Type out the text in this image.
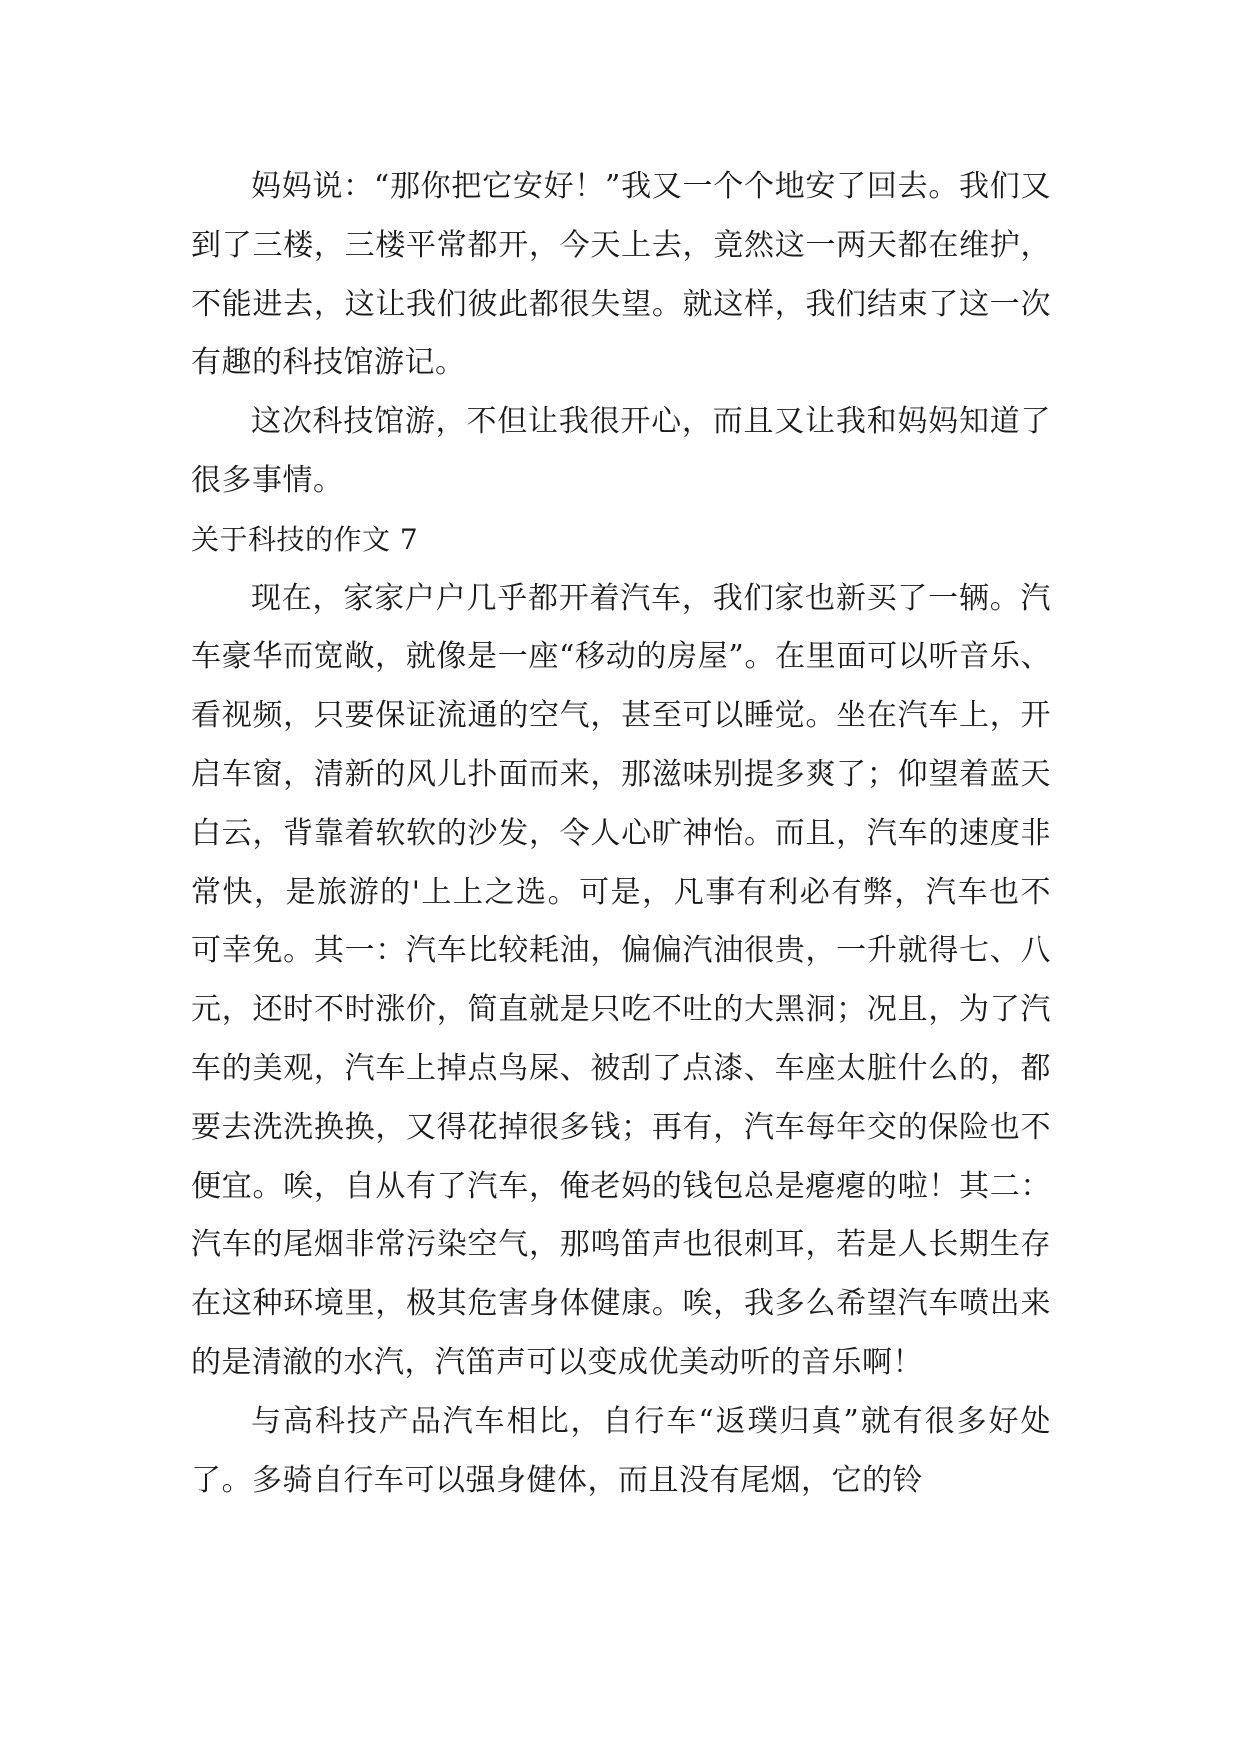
妈妈说：“那你把它安好！”我又一个个地安了回去。我们又到了三楼，三楼平常都开，今天上去，竟然这一两天都在维护，不能进去，这让我们彼此都很失望。就这样，我们结束了这一次有趣的科技馆游记。

这次科技馆游，不但让我很开心，而且又让我和妈妈知道了很多事情。

关于科技的作文 7

现在，家家户户几乎都开着汽车，我们家也新买了一辆。汽车豪华而宽敞，就像是一座“移动的房屋”。在里面可以听音乐、看视频，只要保证流通的空气，甚至可以睡觉。坐在汽车上，开启车窗，清新的风儿扑面而来，那滋味别提多爽了；仰望着蓝天白云，背靠着软软的沙发，令人心旷神怡。而且，汽车的速度非常快，是旅游的'上上之选。可是，凡事有利必有弊，汽车也不可幸免。其一：汽车比较耗油，偏偏汽油很贵，一升就得七、八元，还时不时涨价，简直就是只吃不吐的大黑洞；况且，为了汽车的美观，汽车上掉点鸟屎、被刮了点漆、车座太脏什么的，都要去洗洗换换，又得花掉很多钱；再有，汽车每年交的保险也不便宜。唉，自从有了汽车，俺老妈的钱包总是瘪瘪的啦！其二：汽车的尾烟非常污染空气，那鸣笛声也很刺耳，若是人长期生存在这种环境里，极其危害身体健康。唉，我多么希望汽车喷出来的是清澈的水汽，汽笛声可以变成优美动听的音乐啊！

与高科技产品汽车相比，自行车“返璞归真”就有很多好处了。多骑自行车可以强身健体，而且没有尾烟，它的铃
